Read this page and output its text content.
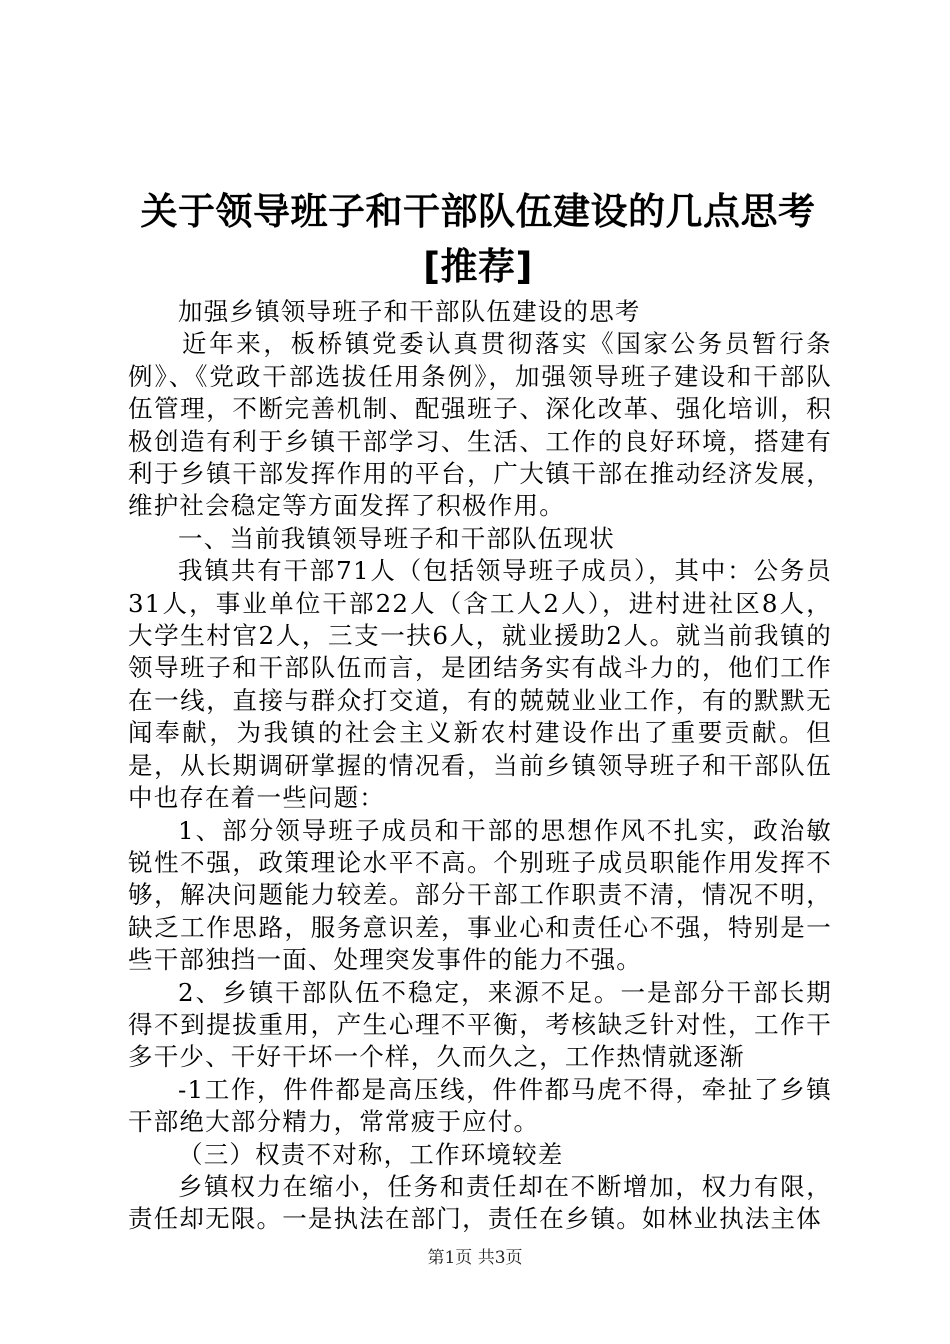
关于领导班子和干部队伍建设的几点思考[推荐]

加强乡镇领导班子和干部队伍建设的思考

近年来，板桥镇党委认真贯彻落实《国家公务员暂行条例》、《党政干部选拔任用条例》，加强领导班子建设和干部队伍管理，不断完善机制、配强班子、深化改革、强化培训，积极创造有利于乡镇干部学习、生活、工作的良好环境，搭建有利于乡镇干部发挥作用的平台，广大镇干部在推动经济发展，维护社会稳定等方面发挥了积极作用。

一、当前我镇领导班子和干部队伍现状

我镇共有干部71人（包括领导班子成员），其中：公务员31人，事业单位干部22人（含工人2人），进村进社区8人，大学生村官2人，三支一扶6人，就业援助2人。就当前我镇的领导班子和干部队伍而言，是团结务实有战斗力的，他们工作在一线，直接与群众打交道，有的兢兢业业工作，有的默默无闻奉献，为我镇的社会主义新农村建设作出了重要贡献。但是，从长期调研掌握的情况看，当前乡镇领导班子和干部队伍中也存在着一些问题：

1、部分领导班子成员和干部的思想作风不扎实，政治敏锐性不强，政策理论水平不高。个别班子成员职能作用发挥不够，解决问题能力较差。部分干部工作职责不清，情况不明，缺乏工作思路，服务意识差，事业心和责任心不强，特别是一些干部独挡一面、处理突发事件的能力不强。

2、乡镇干部队伍不稳定，来源不足。一是部分干部长期得不到提拔重用，产生心理不平衡，考核缺乏针对性，工作干多干少、干好干坏一个样，久而久之，工作热情就逐渐

-1工作，件件都是高压线，件件都马虎不得，牵扯了乡镇干部绝大部分精力，常常疲于应付。

（三）权责不对称，工作环境较差

乡镇权力在缩小，任务和责任却在不断增加，权力有限，责任却无限。一是执法在部门，责任在乡镇。如林业执法主体

第1页 共3页
